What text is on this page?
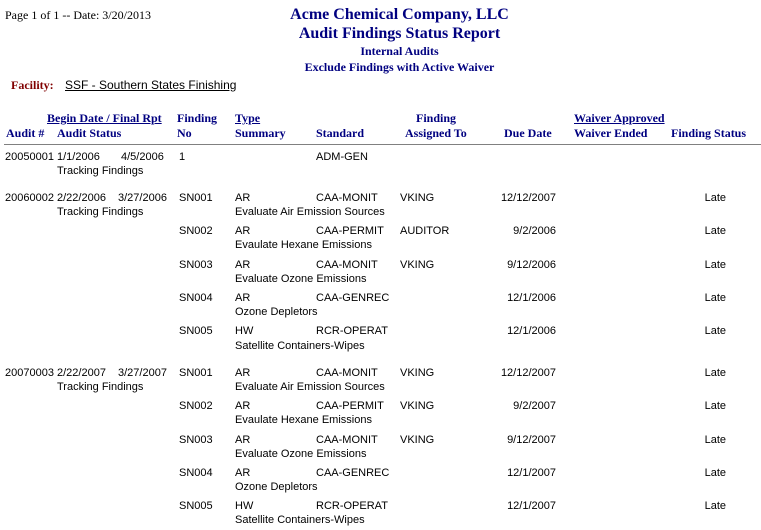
Page 1 of 1 -- Date: 3/20/2013	Acme Chemical Company, LLC
Audit Findings Status Report
Internal Audits
Exclude Findings with Active Waiver
Facility: SSF - Southern States Finishing
Begin Date / Final Rpt
Audit # Audit Status
Finding
No
Type
Summary	Standard
Finding
Assigned To	Due Date
Waiver Approved
Waiver Ended Finding Status
20050001 1/1/2006 4/5/2006
Tracking Findings
1	ADM-GEN
20060002 2/22/2006 3/27/2006
Tracking Findings
SN001 AR	CAA-MONIT VKING	12/12/2007	Late
Evaluate Air Emission Sources
SN002 AR	CAA-PERMIT AUDITOR	9/2/2006	Late
Evaulate Hexane Emissions
SN003 AR	CAA-MONIT VKING	9/12/2006	Late
Evaluate Ozone Emissions
SN004 AR	CAA-GENREC	12/1/2006	Late
Ozone Depletors
SN005 HW	RCR-OPERAT	12/1/2006	Late
Satellite Containers-Wipes
20070003 2/22/2007 3/27/2007
Tracking Findings
SN001 AR	CAA-MONIT VKING	12/12/2007	Late
Evaluate Air Emission Sources
SN002 AR	CAA-PERMIT VKING	9/2/2007	Late
Evaulate Hexane Emissions
SN003 AR	CAA-MONIT VKING	9/12/2007	Late
Evaluate Ozone Emissions
SN004 AR	CAA-GENREC	12/1/2007	Late
Ozone Depletors
SN005 HW	RCR-OPERAT	12/1/2007	Late
Satellite Containers-Wipes
